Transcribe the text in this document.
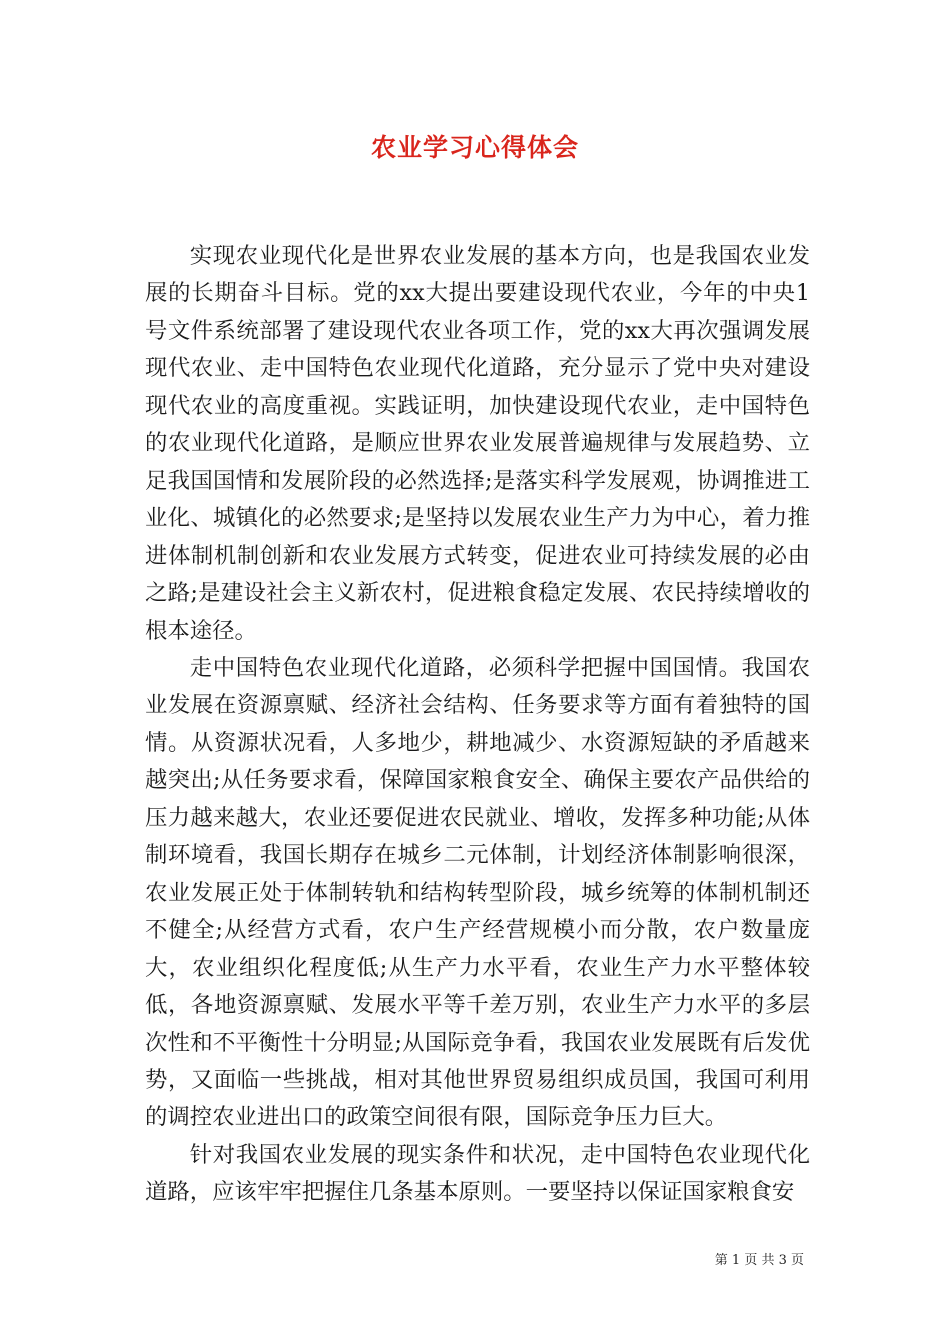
农业学习心得体会

实现农业现代化是世界农业发展的基本方向，也是我国农业发展的长期奋斗目标。党的xx大提出要建设现代农业，今年的中央1号文件系统部署了建设现代农业各项工作，党的xx大再次强调发展现代农业、走中国特色农业现代化道路，充分显示了党中央对建设现代农业的高度重视。实践证明，加快建设现代农业，走中国特色的农业现代化道路，是顺应世界农业发展普遍规律与发展趋势、立足我国国情和发展阶段的必然选择;是落实科学发展观，协调推进工业化、城镇化的必然要求;是坚持以发展农业生产力为中心，着力推进体制机制创新和农业发展方式转变，促进农业可持续发展的必由之路;是建设社会主义新农村，促进粮食稳定发展、农民持续增收的根本途径。

走中国特色农业现代化道路，必须科学把握中国国情。我国农业发展在资源禀赋、经济社会结构、任务要求等方面有着独特的国情。从资源状况看，人多地少，耕地减少、水资源短缺的矛盾越来越突出;从任务要求看，保障国家粮食安全、确保主要农产品供给的压力越来越大，农业还要促进农民就业、增收，发挥多种功能;从体制环境看，我国长期存在城乡二元体制，计划经济体制影响很深，农业发展正处于体制转轨和结构转型阶段，城乡统筹的体制机制还不健全;从经营方式看，农户生产经营规模小而分散，农户数量庞大，农业组织化程度低;从生产力水平看，农业生产力水平整体较低，各地资源禀赋、发展水平等千差万别，农业生产力水平的多层次性和不平衡性十分明显;从国际竞争看，我国农业发展既有后发优势，又面临一些挑战，相对其他世界贸易组织成员国，我国可利用的调控农业进出口的政策空间很有限，国际竞争压力巨大。

针对我国农业发展的现实条件和状况，走中国特色农业现代化道路，应该牢牢把握住几条基本原则。一要坚持以保证国家粮食安

第 1 页 共 3 页
